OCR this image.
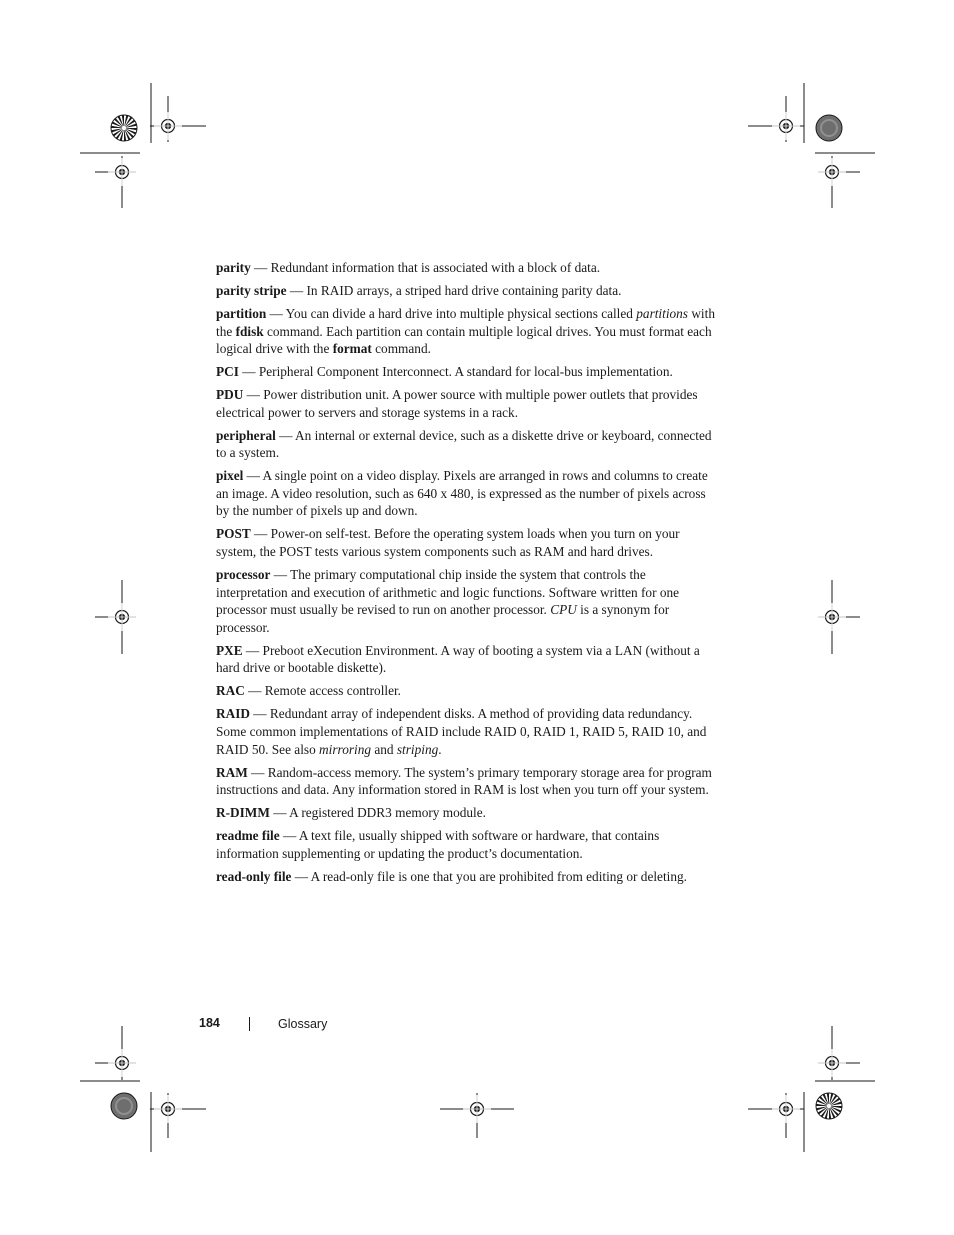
parity — Redundant information that is associated with a block of data.

parity stripe — In RAID arrays, a striped hard drive containing parity data.

partition — You can divide a hard drive into multiple physical sections called partitions with the fdisk command. Each partition can contain multiple logical drives. You must format each logical drive with the format command.

PCI — Peripheral Component Interconnect. A standard for local-bus implementation.

PDU — Power distribution unit. A power source with multiple power outlets that provides electrical power to servers and storage systems in a rack.

peripheral — An internal or external device, such as a diskette drive or keyboard, connected to a system.

pixel — A single point on a video display. Pixels are arranged in rows and columns to create an image. A video resolution, such as 640 x 480, is expressed as the number of pixels across by the number of pixels up and down.

POST — Power-on self-test. Before the operating system loads when you turn on your system, the POST tests various system components such as RAM and hard drives.

processor — The primary computational chip inside the system that controls the interpretation and execution of arithmetic and logic functions. Software written for one processor must usually be revised to run on another processor. CPU is a synonym for processor.

PXE — Preboot eXecution Environment. A way of booting a system via a LAN (without a hard drive or bootable diskette).

RAC — Remote access controller.

RAID — Redundant array of independent disks. A method of providing data redundancy. Some common implementations of RAID include RAID 0, RAID 1, RAID 5, RAID 10, and RAID 50. See also mirroring and striping.

RAM — Random-access memory. The system’s primary temporary storage area for program instructions and data. Any information stored in RAM is lost when you turn off your system.

R-DIMM — A registered DDR3 memory module.

readme file — A text file, usually shipped with software or hardware, that contains information supplementing or updating the product’s documentation.

read-only file — A read-only file is one that you are prohibited from editing or deleting.

184	Glossary
